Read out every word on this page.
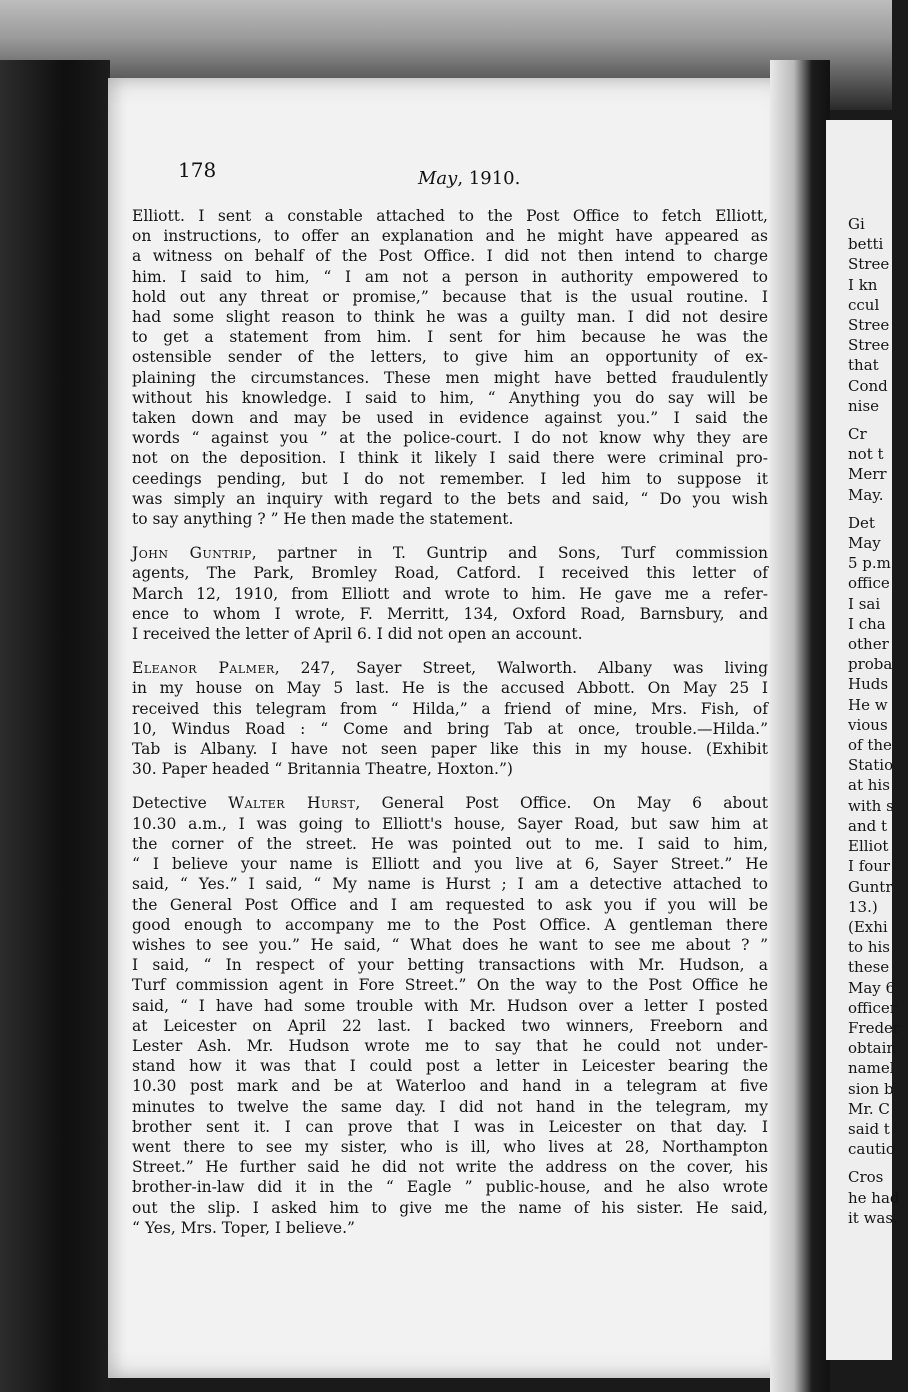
178	May, 1910.
Elliott. I sent a constable attached to the Post Office to fetch Elliott,
on instructions, to offer an explanation and he might have appeared as
a witness on behalf of the Post Office. I did not then intend to charge
him. I said to him, “ I am not a person in authority empowered to
hold out any threat or promise,” because that is the usual routine. I
had some slight reason to think he was a guilty man. I did not desire
to get a statement from him. I sent for him because he was the
ostensible sender of the letters, to give him an opportunity of ex-
plaining the circumstances. These men might have betted fraudulently
without his knowledge. I said to him, “ Anything you do say will be
taken down and may be used in evidence against you.” I said the
words “ against you ” at the police-court. I do not know why they are
not on the deposition. I think it likely I said there were criminal pro-
ceedings pending, but I do not remember. I led him to suppose it
was simply an inquiry with regard to the bets and said, “ Do you wish
to say anything ? ” He then made the statement.
John Guntrip, partner in T. Guntrip and Sons, Turf commission
agents, The Park, Bromley Road, Catford. I received this letter of
March 12, 1910, from Elliott and wrote to him. He gave me a refer-
ence to whom I wrote, F. Merritt, 134, Oxford Road, Barnsbury, and
I received the letter of April 6. I did not open an account.
Eleanor Palmer, 247, Sayer Street, Walworth. Albany was living
in my house on May 5 last. He is the accused Abbott. On May 25 I
received this telegram from “ Hilda,” a friend of mine, Mrs. Fish, of
10, Windus Road : “ Come and bring Tab at once, trouble.—Hilda.”
Tab is Albany. I have not seen paper like this in my house. (Exhibit
30. Paper headed “ Britannia Theatre, Hoxton.”)
Detective Walter Hurst, General Post Office. On May 6 about
10.30 a.m., I was going to Elliott's house, Sayer Road, but saw him at
the corner of the street. He was pointed out to me. I said to him,
“ I believe your name is Elliott and you live at 6, Sayer Street.” He
said, “ Yes.” I said, “ My name is Hurst ; I am a detective attached to
the General Post Office and I am requested to ask you if you will be
good enough to accompany me to the Post Office. A gentleman there
wishes to see you.” He said, “ What does he want to see me about ? ”
I said, “ In respect of your betting transactions with Mr. Hudson, a
Turf commission agent in Fore Street.” On the way to the Post Office he
said, “ I have had some trouble with Mr. Hudson over a letter I posted
at Leicester on April 22 last. I backed two winners, Freeborn and
Lester Ash. Mr. Hudson wrote me to say that he could not under-
stand how it was that I could post a letter in Leicester bearing the
10.30 post mark and be at Waterloo and hand in a telegram at five
minutes to twelve the same day. I did not hand in the telegram, my
brother sent it. I can prove that I was in Leicester on that day. I
went there to see my sister, who is ill, who lives at 28, Northampton
Street.” He further said he did not write the address on the cover, his
brother-in-law did it in the “ Eagle ” public-house, and he also wrote
out the slip. I asked him to give me the name of his sister. He said,
“ Yes, Mrs. Toper, I believe.”
Gi
betti
Stree
I kn
ccul
Stree
Stree
that
Cond
nise

Cr
not t
Merr
May.

Det
May
5 p.m
office
I sai
I cha
other
proba
Huds
He w
vious
of the
Statio
at his
with s
and t
Elliot
I four
Guntr
13.)
(Exhi
to his
these
May 6
officer
Freder
obtain
namel
sion b
Mr. C
said t
cautio

Cros
he had
it was.
